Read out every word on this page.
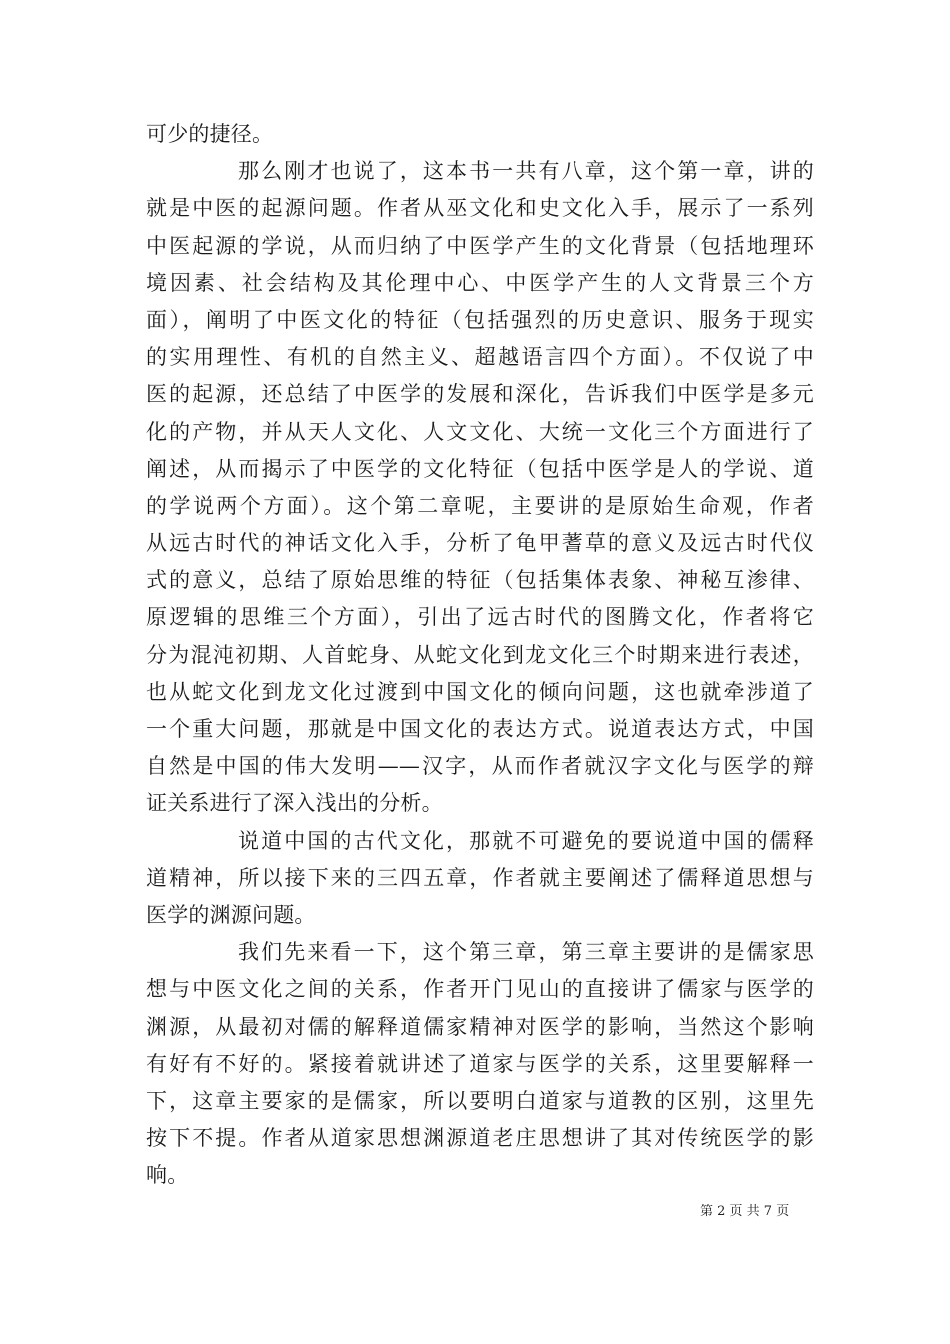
可少的捷径。
那么刚才也说了，这本书一共有八章，这个第一章，讲的
就是中医的起源问题。作者从巫文化和史文化入手，展示了一系列
中医起源的学说，从而归纳了中医学产生的文化背景（包括地理环
境因素、社会结构及其伦理中心、中医学产生的人文背景三个方
面），阐明了中医文化的特征（包括强烈的历史意识、服务于现实
的实用理性、有机的自然主义、超越语言四个方面）。不仅说了中
医的起源，还总结了中医学的发展和深化，告诉我们中医学是多元
化的产物，并从天人文化、人文文化、大统一文化三个方面进行了
阐述，从而揭示了中医学的文化特征（包括中医学是人的学说、道
的学说两个方面）。这个第二章呢，主要讲的是原始生命观，作者
从远古时代的神话文化入手，分析了龟甲蓍草的意义及远古时代仪
式的意义，总结了原始思维的特征（包括集体表象、神秘互渗律、
原逻辑的思维三个方面），引出了远古时代的图腾文化，作者将它
分为混沌初期、人首蛇身、从蛇文化到龙文化三个时期来进行表述，
也从蛇文化到龙文化过渡到中国文化的倾向问题，这也就牵涉道了
一个重大问题，那就是中国文化的表达方式。说道表达方式，中国
自然是中国的伟大发明——汉字，从而作者就汉字文化与医学的辩
证关系进行了深入浅出的分析。
说道中国的古代文化，那就不可避免的要说道中国的儒释
道精神，所以接下来的三四五章，作者就主要阐述了儒释道思想与
医学的渊源问题。
我们先来看一下，这个第三章，第三章主要讲的是儒家思
想与中医文化之间的关系，作者开门见山的直接讲了儒家与医学的
渊源，从最初对儒的解释道儒家精神对医学的影响，当然这个影响
有好有不好的。紧接着就讲述了道家与医学的关系，这里要解释一
下，这章主要家的是儒家，所以要明白道家与道教的区别，这里先
按下不提。作者从道家思想渊源道老庄思想讲了其对传统医学的影
响。
第 2 页 共 7 页
